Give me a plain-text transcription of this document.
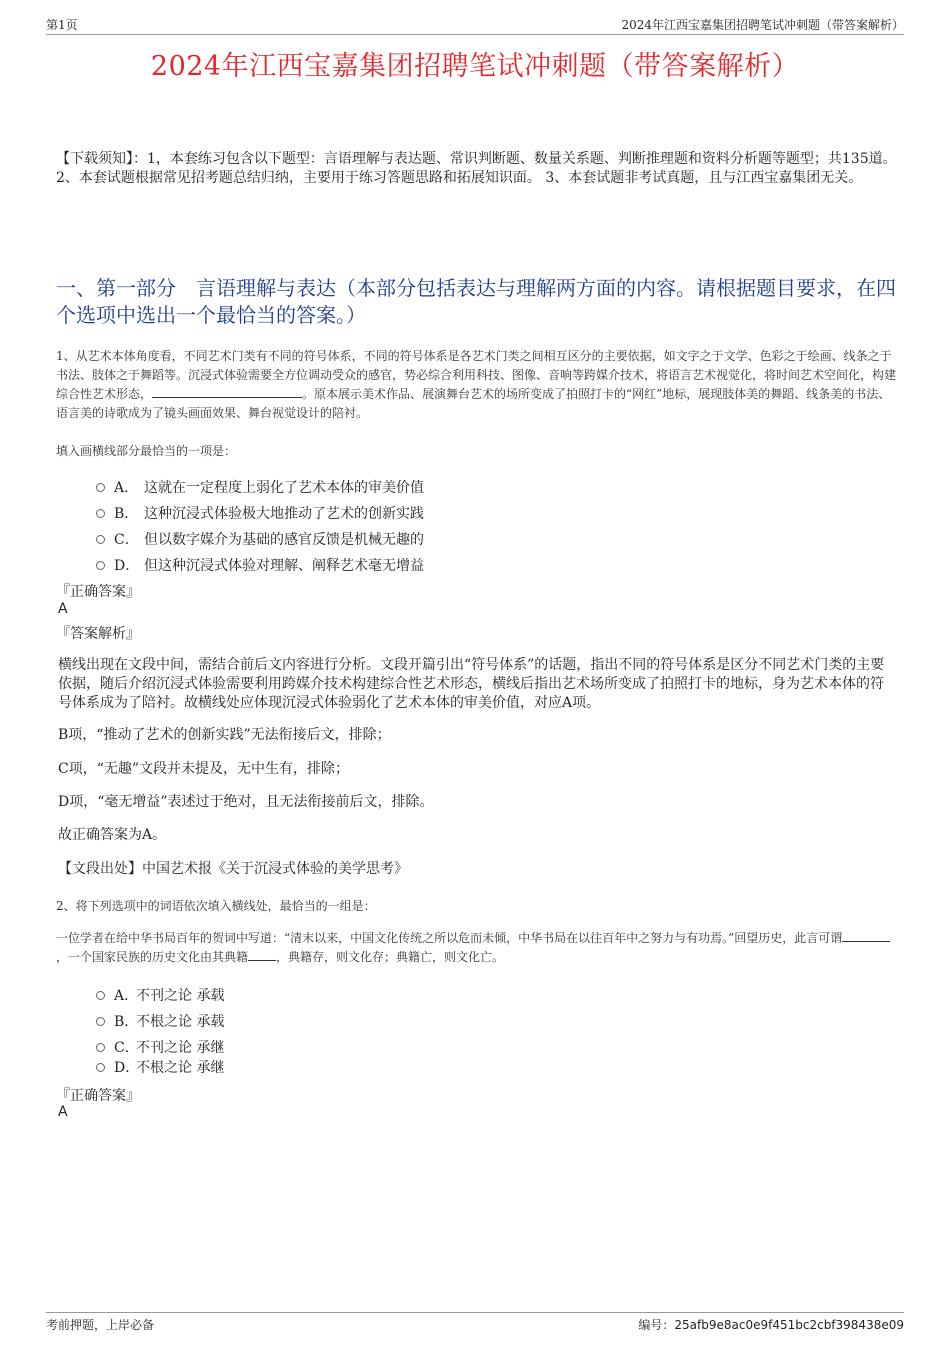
第1页	2024年江西宝嘉集团招聘笔试冲刺题（带答案解析）
2024年江西宝嘉集团招聘笔试冲刺题（带答案解析）
【下载须知】：1，本套练习包含以下题型：言语理解与表达题、常识判断题、数量关系题、判断推理题和资料分析题等题型；共135道。 2、本套试题根据常见招考题总结归纳，主要用于练习答题思路和拓展知识面。 3、本套试题非考试真题，且与江西宝嘉集团无关。
一、第一部分　言语理解与表达（本部分包括表达与理解两方面的内容。请根据题目要求，在四个选项中选出一个最恰当的答案。）
1、从艺术本体角度看，不同艺术门类有不同的符号体系，不同的符号体系是各艺术门类之间相互区分的主要依据，如文字之于文学、色彩之于绘画、线条之于书法、肢体之于舞蹈等。沉浸式体验需要全方位调动受众的感官，势必综合利用科技、图像、音响等跨媒介技术，将语言艺术视觉化，将时间艺术空间化，构建综合性艺术形态，	。原本展示美术作品、展演舞台艺术的场所变成了拍照打卡的“网红”地标，展现肢体美的舞蹈、线条美的书法、语言美的诗歌成为了镜头画面效果、舞台视觉设计的陪衬。
填入画横线部分最恰当的一项是：
A． 这就在一定程度上弱化了艺术本体的审美价值
B． 这种沉浸式体验极大地推动了艺术的创新实践
C． 但以数字媒介为基础的感官反馈是机械无趣的
D． 但这种沉浸式体验对理解、阐释艺术毫无增益
『正确答案』
A
『答案解析』
横线出现在文段中间，需结合前后文内容进行分析。文段开篇引出“符号体系”的话题，指出不同的符号体系是区分不同艺术门类的主要依据，随后介绍沉浸式体验需要利用跨媒介技术构建综合性艺术形态，横线后指出艺术场所变成了拍照打卡的地标，身为艺术本体的符号体系成为了陪衬。故横线处应体现沉浸式体验弱化了艺术本体的审美价值，对应A项。
B项，“推动了艺术的创新实践”无法衔接后文，排除；
C项，“无趣”文段并未提及，无中生有，排除；
D项，“毫无增益”表述过于绝对，且无法衔接前后文，排除。
故正确答案为A。
【文段出处】中国艺术报《关于沉浸式体验的美学思考》
2、将下列选项中的词语依次填入横线处，最恰当的一组是：
一位学者在给中华书局百年的贺词中写道：“清末以来，中国文化传统之所以危而未倾，中华书局在以往百年中之努力与有功焉。”回望历史，此言可谓，一个国家民族的历史文化由其典籍 ，典籍存，则文化存；典籍亡，则文化亡。
A．
不刊之论 承载
B．
不根之论 承载
C．
不刊之论 承继
D．
不根之论 承继
『正确答案』
A
考前押题，上岸必备	编号：25afb9e8ac0e9f451bc2cbf398438e09
